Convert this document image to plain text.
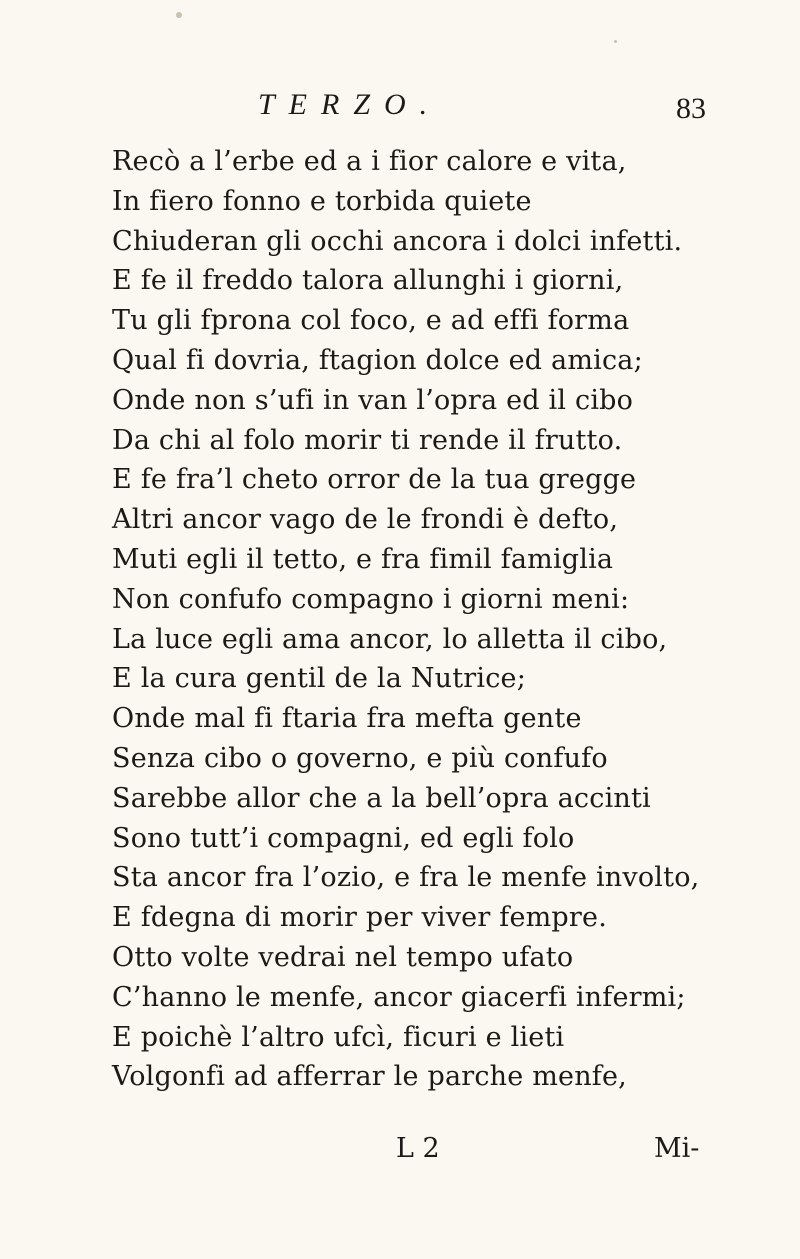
TERZO.	83
Recò a l’erbe ed a i fior calore e vita,
In fiero fonno e torbida quiete
Chiuderan gli occhi ancora i dolci infetti.
E fe il freddo talora allunghi i giorni,
Tu gli fprona col foco, e ad effi forma
Qual fi dovria, ftagion dolce ed amica;
Onde non s’ufi in van l’opra ed il cibo
Da chi al folo morir ti rende il frutto.
E fe fra’l cheto orror de la tua gregge
Altri ancor vago de le frondi è defto,
Muti egli il tetto, e fra fimil famiglia
Non confufo compagno i giorni meni:
La luce egli ama ancor, lo alletta il cibo,
E la cura gentil de la Nutrice;
Onde mal fi ftaria fra mefta gente
Senza cibo o governo, e più confufo
Sarebbe allor che a la bell’opra accinti
Sono tutt’i compagni, ed egli folo
Sta ancor fra l’ozio, e fra le menfe involto,
E fdegna di morir per viver fempre.
Otto volte vedrai nel tempo ufato
C’hanno le menfe, ancor giacerfi infermi;
E poichè l’altro ufcì, ficuri e lieti
Volgonfi ad afferrar le parche menfe,
L 2	Mi-
